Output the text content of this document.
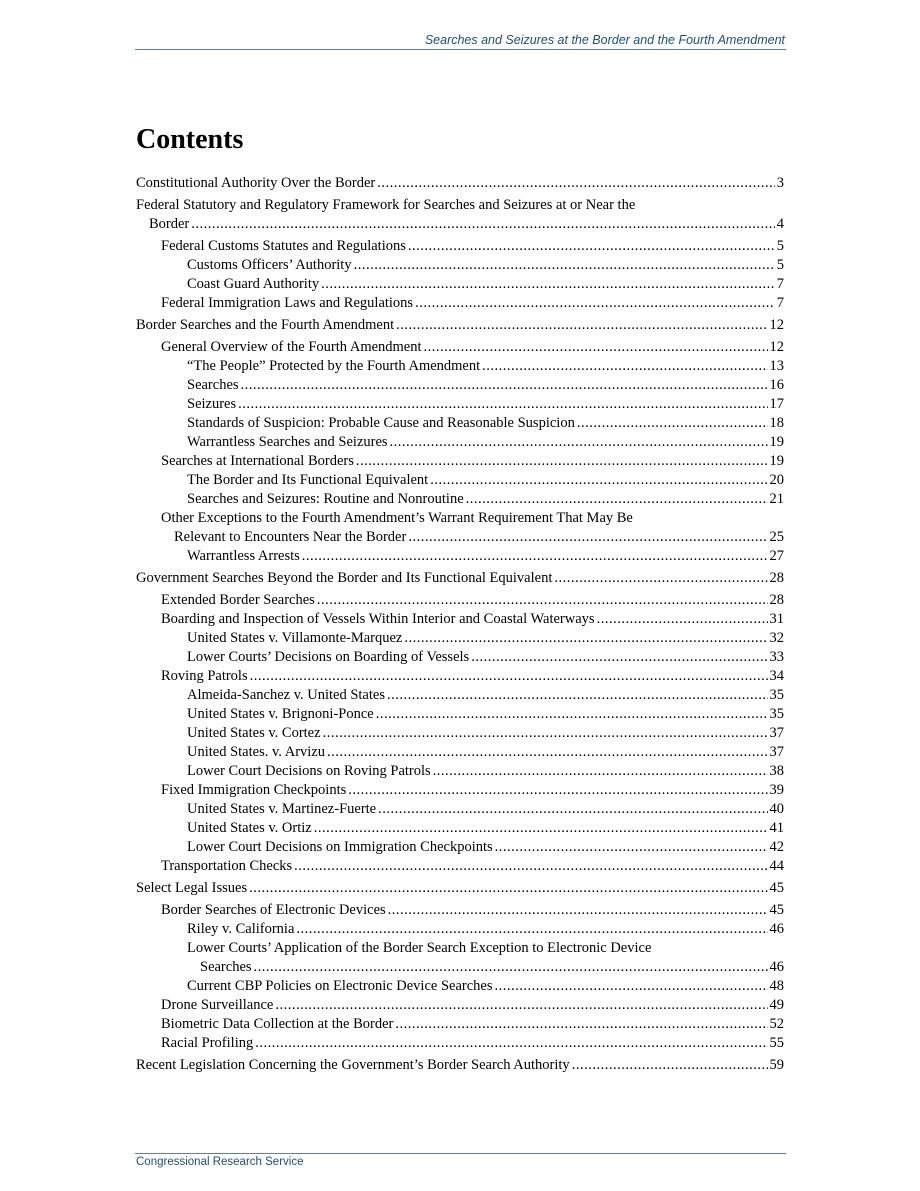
Searches and Seizures at the Border and the Fourth Amendment
Contents
Constitutional Authority Over the Border .....	3
Federal Statutory and Regulatory Framework for Searches and Seizures at or Near the
Border .....	4
Federal Customs Statutes and Regulations .....	5
Customs Officers’ Authority .....	5
Coast Guard Authority .....	7
Federal Immigration Laws and Regulations .....	7
Border Searches and the Fourth Amendment .....	12
General Overview of the Fourth Amendment .....	12
“The People” Protected by the Fourth Amendment .....	13
Searches .....	16
Seizures .....	17
Standards of Suspicion: Probable Cause and Reasonable Suspicion .....	18
Warrantless Searches and Seizures .....	19
Searches at International Borders .....	19
The Border and Its Functional Equivalent .....	20
Searches and Seizures: Routine and Nonroutine .....	21
Other Exceptions to the Fourth Amendment’s Warrant Requirement That May Be
Relevant to Encounters Near the Border .....	25
Warrantless Arrests .....	27
Government Searches Beyond the Border and Its Functional Equivalent .....	28
Extended Border Searches .....	28
Boarding and Inspection of Vessels Within Interior and Coastal Waterways .....	31
United States v. Villamonte-Marquez .....	32
Lower Courts’ Decisions on Boarding of Vessels .....	33
Roving Patrols .....	34
Almeida-Sanchez v. United States .....	35
United States v. Brignoni-Ponce .....	35
United States v. Cortez .....	37
United States. v. Arvizu .....	37
Lower Court Decisions on Roving Patrols .....	38
Fixed Immigration Checkpoints .....	39
United States v. Martinez-Fuerte .....	40
United States v. Ortiz .....	41
Lower Court Decisions on Immigration Checkpoints .....	42
Transportation Checks .....	44
Select Legal Issues .....	45
Border Searches of Electronic Devices .....	45
Riley v. California .....	46
Lower Courts’ Application of the Border Search Exception to Electronic Device
Searches .....	46
Current CBP Policies on Electronic Device Searches .....	48
Drone Surveillance .....	49
Biometric Data Collection at the Border .....	52
Racial Profiling .....	55
Recent Legislation Concerning the Government’s Border Search Authority .....	59
Congressional Research Service
